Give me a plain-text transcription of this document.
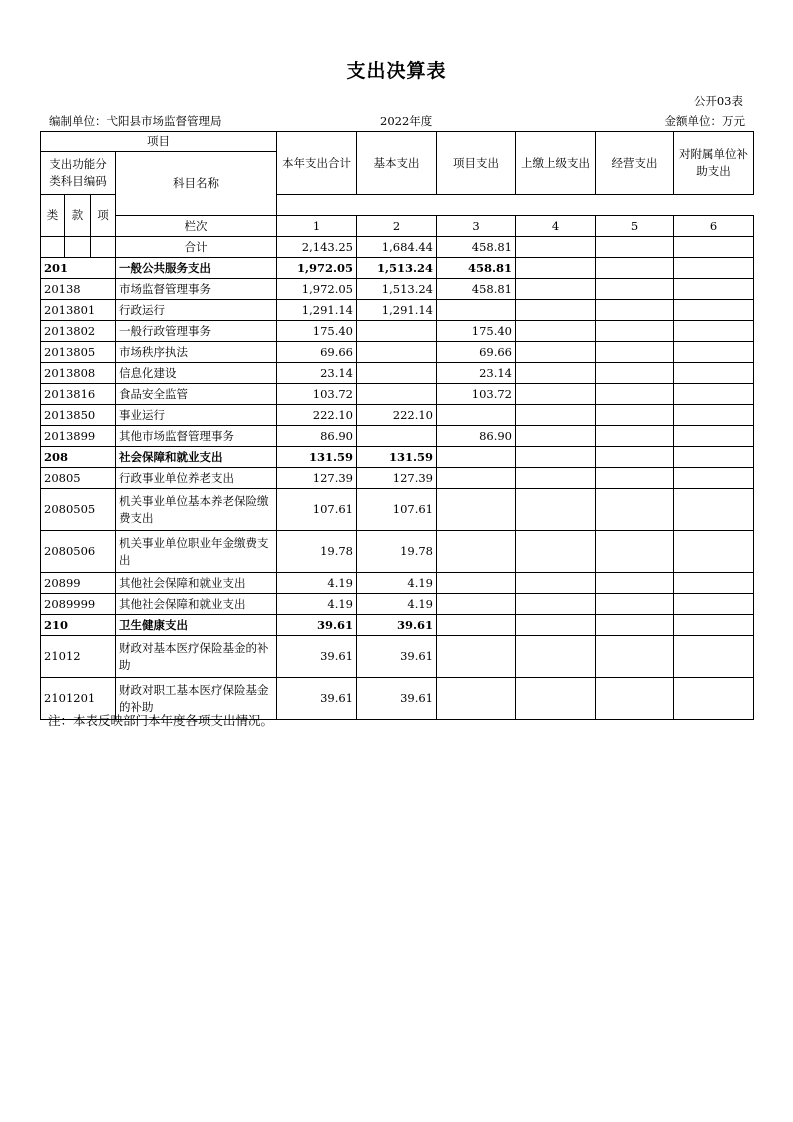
支出决算表
公开03表
编制单位：弋阳县市场监督管理局	2022年度	金额单位：万元
项目				本年支出合计	基本支出	项目支出	上缴上级支出	经营支出	对附属单位补助支出
支出功能分类科目编码			科目名称						
类	款	项							
			栏次	1	2	3	4	5	6
			合计	2,143.25	1,684.44	458.81			
201			一般公共服务支出	1,972.05	1,513.24	458.81			
20138			市场监督管理事务	1,972.05	1,513.24	458.81			
2013801			行政运行	1,291.14	1,291.14				
2013802			一般行政管理事务	175.40		175.40			
2013805			市场秩序执法	69.66		69.66			
2013808			信息化建设	23.14		23.14			
2013816			食品安全监管	103.72		103.72			
2013850			事业运行	222.10	222.10				
2013899			其他市场监督管理事务	86.90		86.90			
208			社会保障和就业支出	131.59	131.59				
20805			行政事业单位养老支出	127.39	127.39				
2080505			机关事业单位基本养老保险缴费支出	107.61	107.61				
2080506			机关事业单位职业年金缴费支出	19.78	19.78				
20899			其他社会保障和就业支出	4.19	4.19				
2089999			其他社会保障和就业支出	4.19	4.19				
210			卫生健康支出	39.61	39.61				
21012			财政对基本医疗保险基金的补助	39.61	39.61				
2101201			财政对职工基本医疗保险基金的补助	39.61	39.61				
注：本表反映部门本年度各项支出情况。
